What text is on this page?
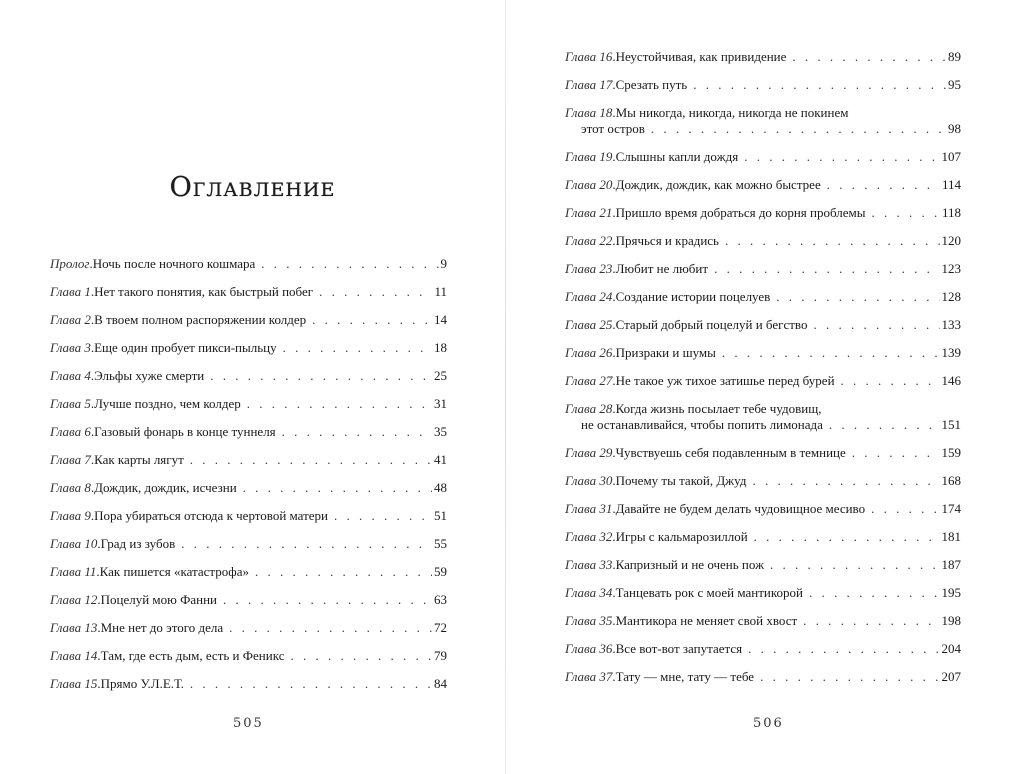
Оглавление
Пролог . Ночь после ночного кошмара . . .	9
Глава 1 . Нет такого понятия, как быстрый побег . . .	11
Глава 2 . В твоем полном распоряжении колдер . . .	14
Глава 3 . Еще один пробует пикси-пыльцу . . .	18
Глава 4 . Эльфы хуже смерти . . .	25
Глава 5 . Лучше поздно, чем колдер . . .	31
Глава 6 . Газовый фонарь в конце туннеля . . .	35
Глава 7 . Как карты лягут . . .	41
Глава 8 . Дождик, дождик, исчезни . . .	48
Глава 9 . Пора убираться отсюда к чертовой матери . . .	51
Глава 10 . Град из зубов . . .	55
Глава 11 . Как пишется «катастрофа» . . .	59
Глава 12 . Поцелуй мою Фанни . . .	63
Глава 13 . Мне нет до этого дела . . .	72
Глава 14 . Там, где есть дым, есть и Феникс . . .	79
Глава 15 . Прямо У.Л.Е.Т. . . .	84
505
Глава 16 . Неустойчивая, как привидение . . .	89
Глава 17 . Срезать путь . . .	95
Глава 18 . Мы никогда, никогда, никогда не покинем
этот остров . . .	98
Глава 19 . Слышны капли дождя . . .	107
Глава 20 . Дождик, дождик, как можно быстрее . . .	114
Глава 21 . Пришло время добраться до корня проблемы . . .	118
Глава 22 . Прячься и крадись . . .	120
Глава 23 . Любит не любит . . .	123
Глава 24 . Создание истории поцелуев . . .	128
Глава 25 . Старый добрый поцелуй и бегство . . .	133
Глава 26 . Призраки и шумы . . .	139
Глава 27 . Не такое уж тихое затишье перед бурей . . .	146
Глава 28 . Когда жизнь посылает тебе чудовищ,
не останавливайся, чтобы попить лимонада . . .	151
Глава 29 . Чувствуешь себя подавленным в темнице . . .	159
Глава 30 . Почему ты такой, Джуд . . .	168
Глава 31 . Давайте не будем делать чудовищное месиво . . .	174
Глава 32 . Игры с кальмарозиллой . . .	181
Глава 33 . Капризный и не очень пож . . .	187
Глава 34 . Танцевать рок с моей мантикорой . . .	195
Глава 35 . Мантикора не меняет свой хвост . . .	198
Глава 36 . Все вот-вот запутается . . .	204
Глава 37 . Тату — мне, тату — тебе . . .	207
506
